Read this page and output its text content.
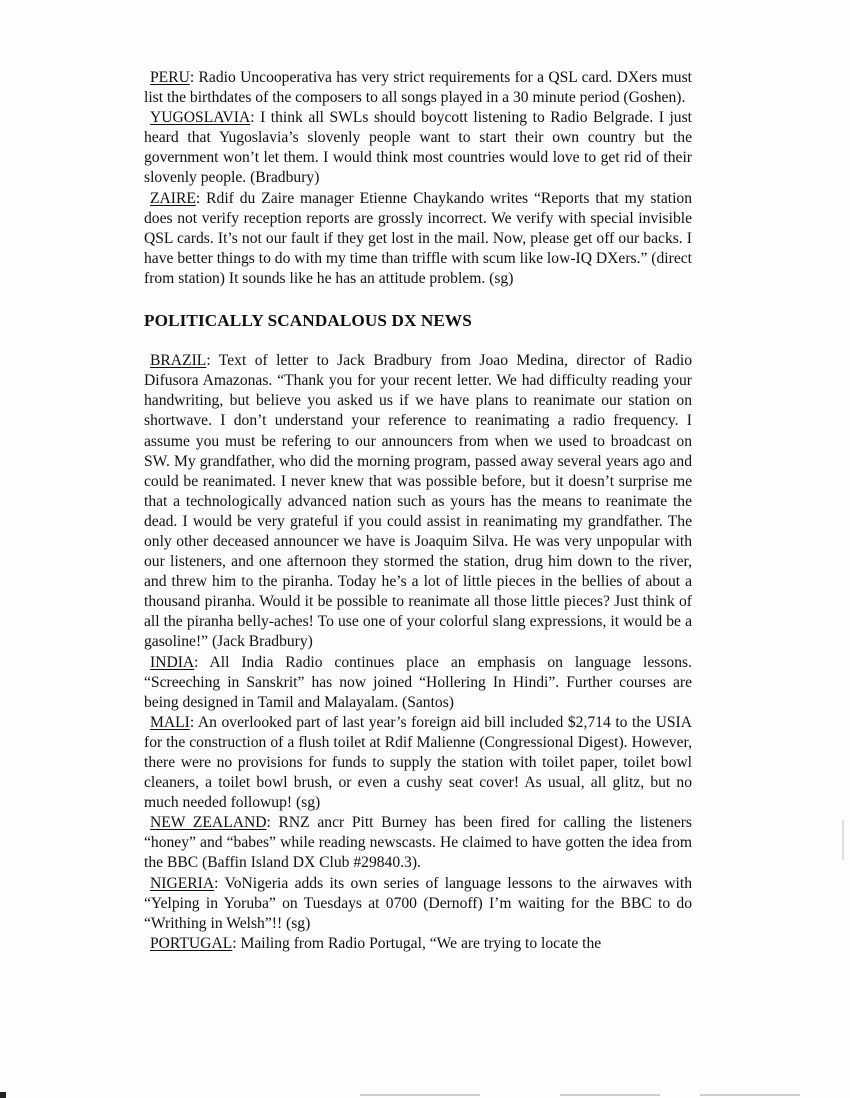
PERU: Radio Uncooperativa has very strict requirements for a QSL card. DXers must list the birthdates of the composers to all songs played in a 30 minute period (Goshen).

YUGOSLAVIA: I think all SWLs should boycott listening to Radio Belgrade. I just heard that Yugoslavia’s slovenly people want to start their own country but the government won’t let them. I would think most countries would love to get rid of their slovenly people. (Bradbury)

ZAIRE: Rdif du Zaire manager Etienne Chaykando writes “Reports that my station does not verify reception reports are grossly incorrect. We verify with special invisible QSL cards. It’s not our fault if they get lost in the mail. Now, please get off our backs. I have better things to do with my time than triffle with scum like low-IQ DXers.” (direct from station) It sounds like he has an attitude problem. (sg)

POLITICALLY SCANDALOUS DX NEWS

BRAZIL: Text of letter to Jack Bradbury from Joao Medina, director of Radio Difusora Amazonas. “Thank you for your recent letter. We had difficulty reading your handwriting, but believe you asked us if we have plans to reanimate our station on shortwave. I don’t understand your reference to reanimating a radio frequency. I assume you must be refering to our announcers from when we used to broadcast on SW. My grandfather, who did the morning program, passed away several years ago and could be reanimated. I never knew that was possible before, but it doesn’t surprise me that a technologically advanced nation such as yours has the means to reanimate the dead. I would be very grateful if you could assist in reanimating my grandfather. The only other deceased announcer we have is Joaquim Silva. He was very unpopular with our listeners, and one afternoon they stormed the station, drug him down to the river, and threw him to the piranha. Today he’s a lot of little pieces in the bellies of about a thousand piranha. Would it be possible to reanimate all those little pieces? Just think of all the piranha belly-aches! To use one of your colorful slang expressions, it would be a gasoline!” (Jack Bradbury)

INDIA: All India Radio continues place an emphasis on language lessons. “Screeching in Sanskrit” has now joined “Hollering In Hindi”. Further courses are being designed in Tamil and Malayalam. (Santos)

MALI: An overlooked part of last year’s foreign aid bill included $2,714 to the USIA for the construction of a flush toilet at Rdif Malienne (Congressional Digest). However, there were no provisions for funds to supply the station with toilet paper, toilet bowl cleaners, a toilet bowl brush, or even a cushy seat cover! As usual, all glitz, but no much needed followup! (sg)

NEW ZEALAND: RNZ ancr Pitt Burney has been fired for calling the listeners “honey” and “babes” while reading newscasts. He claimed to have gotten the idea from the BBC (Baffin Island DX Club #29840.3).

NIGERIA: VoNigeria adds its own series of language lessons to the airwaves with “Yelping in Yoruba” on Tuesdays at 0700 (Dernoff) I’m waiting for the BBC to do “Writhing in Welsh”!! (sg)

PORTUGAL: Mailing from Radio Portugal, “We are trying to locate the
